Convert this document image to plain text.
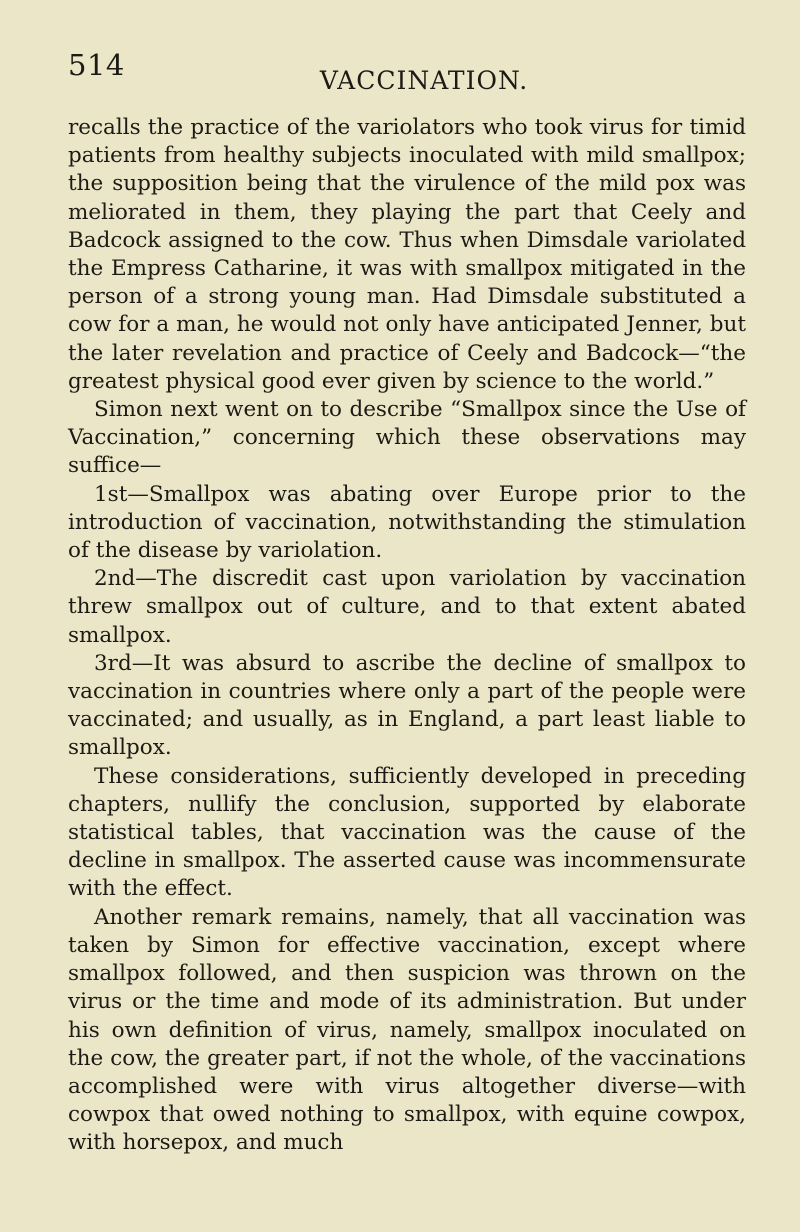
514	VACCINATION.

recalls the practice of the variolators who took virus for timid patients from healthy subjects inoculated with mild smallpox; the supposition being that the virulence of the mild pox was meliorated in them, they playing the part that Ceely and Badcock assigned to the cow. Thus when Dimsdale variolated the Empress Catharine, it was with smallpox mitigated in the person of a strong young man. Had Dimsdale substituted a cow for a man, he would not only have anticipated Jenner, but the later revelation and practice of Ceely and Badcock—“the greatest physical good ever given by science to the world.”

Simon next went on to describe “Smallpox since the Use of Vaccination,” concerning which these observations may suffice—

1st—Smallpox was abating over Europe prior to the introduction of vaccination, notwithstanding the stimulation of the disease by variolation.

2nd—The discredit cast upon variolation by vaccination threw smallpox out of culture, and to that extent abated smallpox.

3rd—It was absurd to ascribe the decline of smallpox to vaccination in countries where only a part of the people were vaccinated; and usually, as in England, a part least liable to smallpox.

These considerations, sufficiently developed in preceding chapters, nullify the conclusion, supported by elaborate statistical tables, that vaccination was the cause of the decline in smallpox. The asserted cause was incommensurate with the effect.

Another remark remains, namely, that all vaccination was taken by Simon for effective vaccination, except where smallpox followed, and then suspicion was thrown on the virus or the time and mode of its administration. But under his own definition of virus, namely, smallpox inoculated on the cow, the greater part, if not the whole, of the vaccinations accomplished were with virus altogether diverse—with cowpox that owed nothing to smallpox, with equine cowpox, with horsepox, and much
